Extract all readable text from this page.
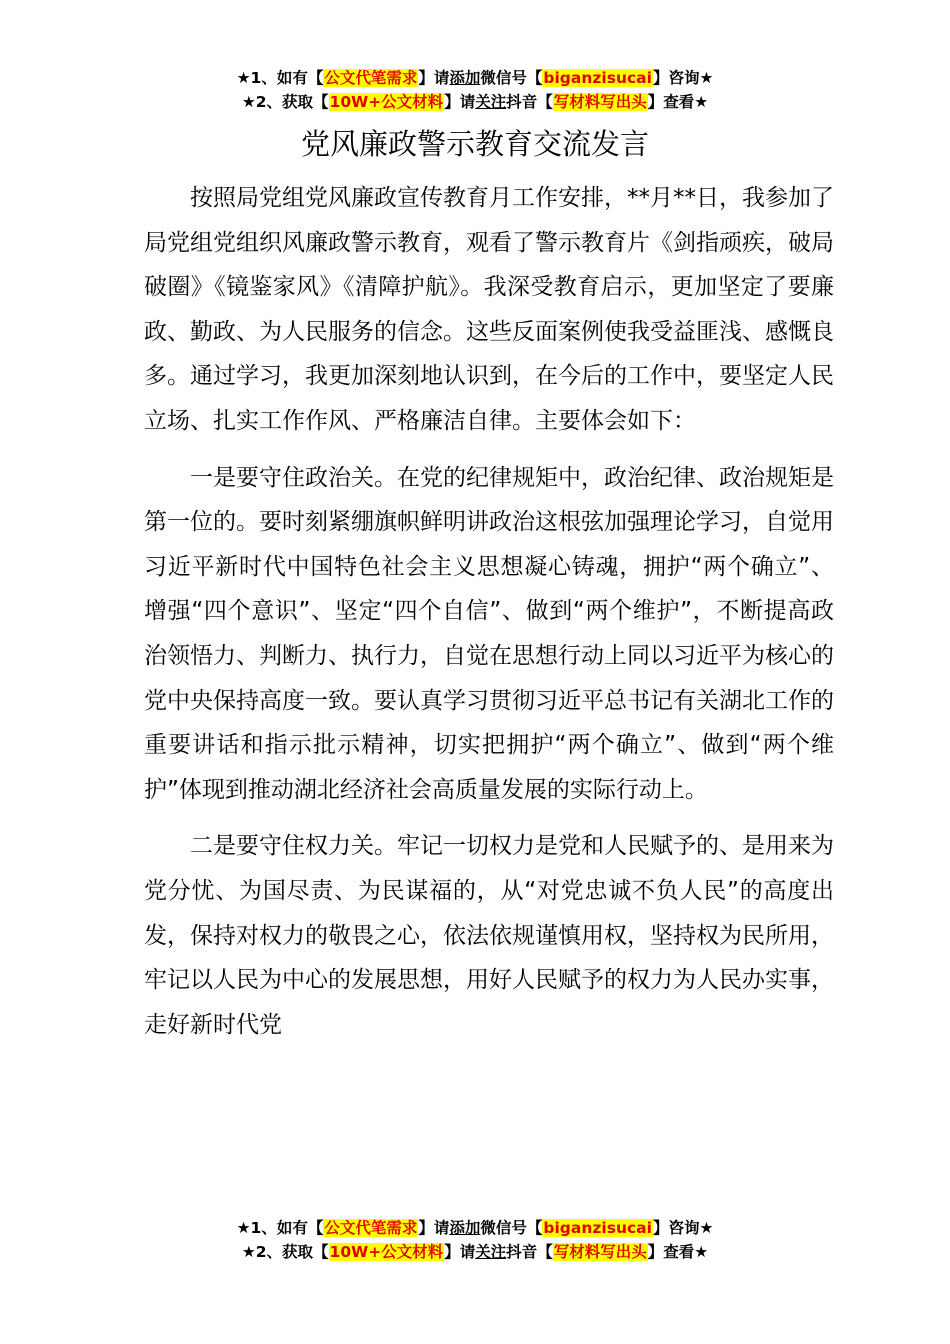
★1、如有【公文代笔需求】请添加微信号【biganzisucai】咨询★
★2、获取【10W+公文材料】请关注抖音【写材料写出头】查看★
党风廉政警示教育交流发言

按照局党组党风廉政宣传教育月工作安排，**月**日，我参加了局党组党组织风廉政警示教育，观看了警示教育片《剑指顽疾，破局破圈》《镜鉴家风》《清障护航》。我深受教育启示，更加坚定了要廉政、勤政、为人民服务的信念。这些反面案例使我受益匪浅、感慨良多。通过学习，我更加深刻地认识到，在今后的工作中，要坚定人民立场、扎实工作作风、严格廉洁自律。主要体会如下：

一是要守住政治关。在党的纪律规矩中，政治纪律、政治规矩是第一位的。要时刻紧绷旗帜鲜明讲政治这根弦加强理论学习，自觉用习近平新时代中国特色社会主义思想凝心铸魂，拥护“两个确立”、增强“四个意识”、坚定“四个自信”、做到“两个维护”，不断提高政治领悟力、判断力、执行力，自觉在思想行动上同以习近平为核心的党中央保持高度一致。要认真学习贯彻习近平总书记有关湖北工作的重要讲话和指示批示精神，切实把拥护“两个确立”、做到“两个维护”体现到推动湖北经济社会高质量发展的实际行动上。

二是要守住权力关。牢记一切权力是党和人民赋予的、是用来为党分忧、为国尽责、为民谋福的，从“对党忠诚不负人民”的高度出发，保持对权力的敬畏之心，依法依规谨慎用权，坚持权为民所用，牢记以人民为中心的发展思想，用好人民赋予的权力为人民办实事，走好新时代党

★1、如有【公文代笔需求】请添加微信号【biganzisucai】咨询★
★2、获取【10W+公文材料】请关注抖音【写材料写出头】查看★
